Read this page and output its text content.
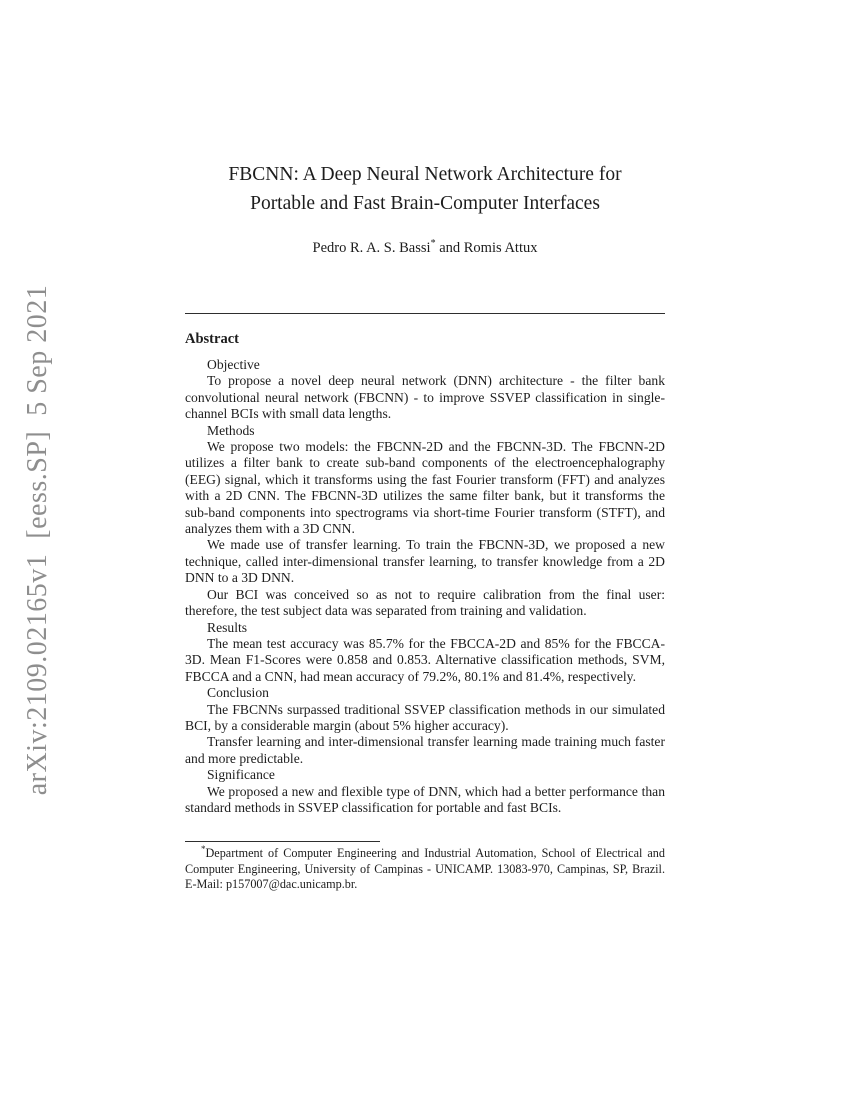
arXiv:2109.02165v1  [eess.SP]  5 Sep 2021
FBCNN: A Deep Neural Network Architecture for
Portable and Fast Brain-Computer Interfaces
Pedro R. A. S. Bassi* and Romis Attux
Abstract

Objective

To propose a novel deep neural network (DNN) architecture - the filter bank convolutional neural network (FBCNN) - to improve SSVEP classification in single-channel BCIs with small data lengths.

Methods

We propose two models: the FBCNN-2D and the FBCNN-3D. The FBCNN-2D utilizes a filter bank to create sub-band components of the electroencephalography (EEG) signal, which it transforms using the fast Fourier transform (FFT) and analyzes with a 2D CNN. The FBCNN-3D utilizes the same filter bank, but it transforms the sub-band components into spectrograms via short-time Fourier transform (STFT), and analyzes them with a 3D CNN.

We made use of transfer learning. To train the FBCNN-3D, we proposed a new technique, called inter-dimensional transfer learning, to transfer knowledge from a 2D DNN to a 3D DNN.

Our BCI was conceived so as not to require calibration from the final user: therefore, the test subject data was separated from training and validation.

Results

The mean test accuracy was 85.7% for the FBCCA-2D and 85% for the FBCCA-3D. Mean F1-Scores were 0.858 and 0.853. Alternative classification methods, SVM, FBCCA and a CNN, had mean accuracy of 79.2%, 80.1% and 81.4%, respectively.

Conclusion

The FBCNNs surpassed traditional SSVEP classification methods in our simulated BCI, by a considerable margin (about 5% higher accuracy).

Transfer learning and inter-dimensional transfer learning made training much faster and more predictable.

Significance

We proposed a new and flexible type of DNN, which had a better performance than standard methods in SSVEP classification for portable and fast BCIs.

*Department of Computer Engineering and Industrial Automation, School of Electrical and Computer Engineering, University of Campinas - UNICAMP. 13083-970, Campinas, SP, Brazil. E-Mail: p157007@dac.unicamp.br.
